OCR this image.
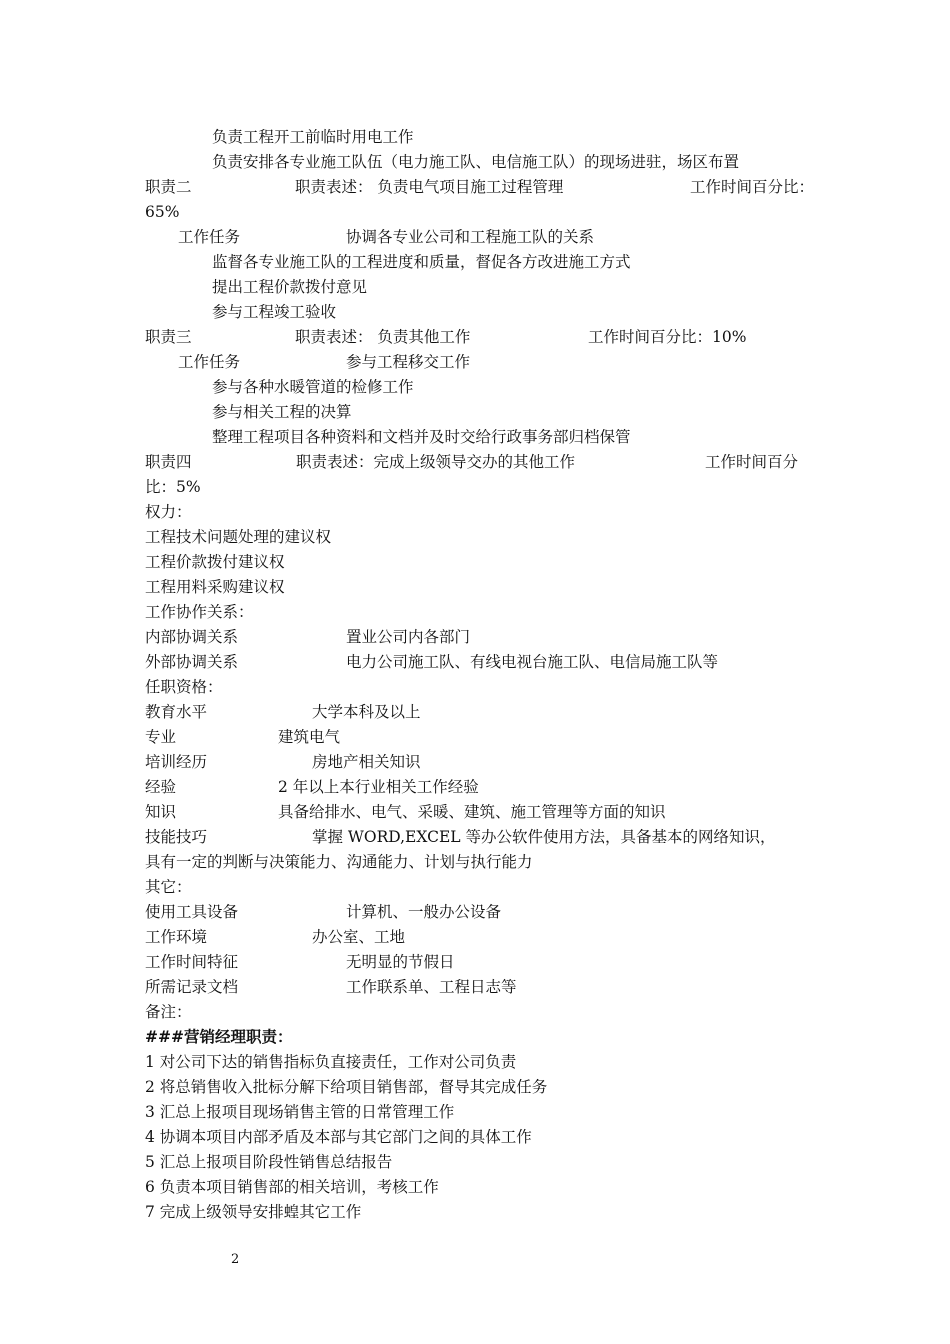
负责工程开工前临时用电工作
负责安排各专业施工队伍（电力施工队、电信施工队）的现场进驻，场区布置
职责二	职责表述： 负责电气项目施工过程管理	工作时间百分比：
65%
工作任务	协调各专业公司和工程施工队的关系
监督各专业施工队的工程进度和质量，督促各方改进施工方式
提出工程价款拨付意见
参与工程竣工验收
职责三	职责表述： 负责其他工作	工作时间百分比：10%
工作任务	参与工程移交工作
参与各种水暖管道的检修工作
参与相关工程的决算
整理工程项目各种资料和文档并及时交给行政事务部归档保管
职责四	职责表述：完成上级领导交办的其他工作	工作时间百分
比：5%
权力：
工程技术问题处理的建议权
工程价款拨付建议权
工程用料采购建议权
工作协作关系：
内部协调关系	置业公司内各部门
外部协调关系	电力公司施工队、有线电视台施工队、电信局施工队等
任职资格：
教育水平	大学本科及以上
专业	建筑电气
培训经历	房地产相关知识
经验	2 年以上本行业相关工作经验
知识	具备给排水、电气、采暖、建筑、施工管理等方面的知识
技能技巧	掌握 WORD,EXCEL 等办公软件使用方法，具备基本的网络知识，
具有一定的判断与决策能力、沟通能力、计划与执行能力
其它：
使用工具设备	计算机、一般办公设备
工作环境	办公室、工地
工作时间特征	无明显的节假日
所需记录文档	工作联系单、工程日志等
备注：
###营销经理职责：
1 对公司下达的销售指标负直接责任，工作对公司负责
2 将总销售收入批标分解下给项目销售部，督导其完成任务
3 汇总上报项目现场销售主管的日常管理工作
4 协调本项目内部矛盾及本部与其它部门之间的具体工作
5 汇总上报项目阶段性销售总结报告
6 负责本项目销售部的相关培训，考核工作
7 完成上级领导安排蝗其它工作
2
